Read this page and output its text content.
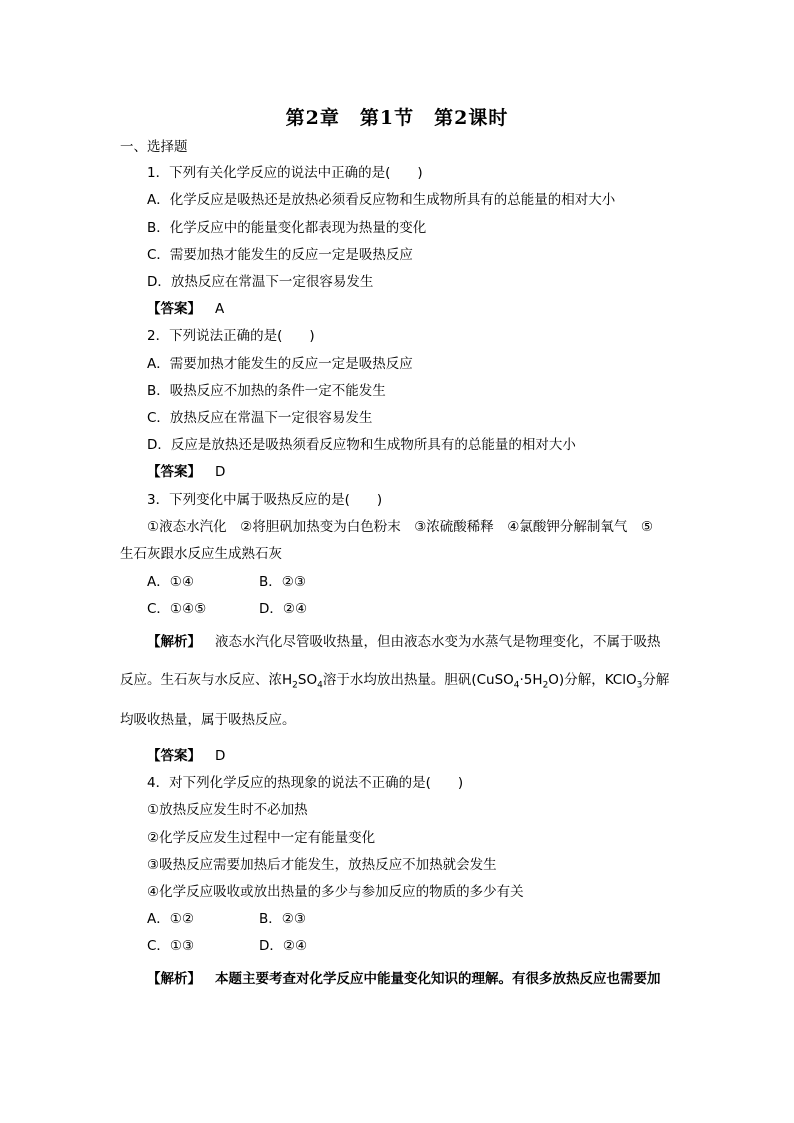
第2章 第1节 第2课时
一、选择题
1．下列有关化学反应的说法中正确的是(　　)
A．化学反应是吸热还是放热必须看反应物和生成物所具有的总能量的相对大小
B．化学反应中的能量变化都表现为热量的变化
C．需要加热才能发生的反应一定是吸热反应
D．放热反应在常温下一定很容易发生
【答案】 A
2．下列说法正确的是(　　)
A．需要加热才能发生的反应一定是吸热反应
B．吸热反应不加热的条件一定不能发生
C．放热反应在常温下一定很容易发生
D．反应是放热还是吸热须看反应物和生成物所具有的总能量的相对大小
【答案】 D
3．下列变化中属于吸热反应的是(　　)
①液态水汽化　②将胆矾加热变为白色粉末　③浓硫酸稀释　④氯酸钾分解制氧气　⑤
生石灰跟水反应生成熟石灰
A．①④	B．②③
C．①④⑤	D．②④
【解析】 液态水汽化尽管吸收热量，但由液态水变为水蒸气是物理变化，不属于吸热
反应。生石灰与水反应、浓$H_2SO_4$溶于水均放出热量。胆矾$(CuSO_4\cdot 5H_2O)$分解，KClO$_3$分解
均吸收热量，属于吸热反应。
【答案】 D
4．对下列化学反应的热现象的说法不正确的是(　　)
①放热反应发生时不必加热
②化学反应发生过程中一定有能量变化
③吸热反应需要加热后才能发生，放热反应不加热就会发生
④化学反应吸收或放出热量的多少与参加反应的物质的多少有关
A．①②	B．②③
C．①③	D．②④
【解析】 本题主要考查对化学反应中能量变化知识的理解。有很多放热反应也需要加
